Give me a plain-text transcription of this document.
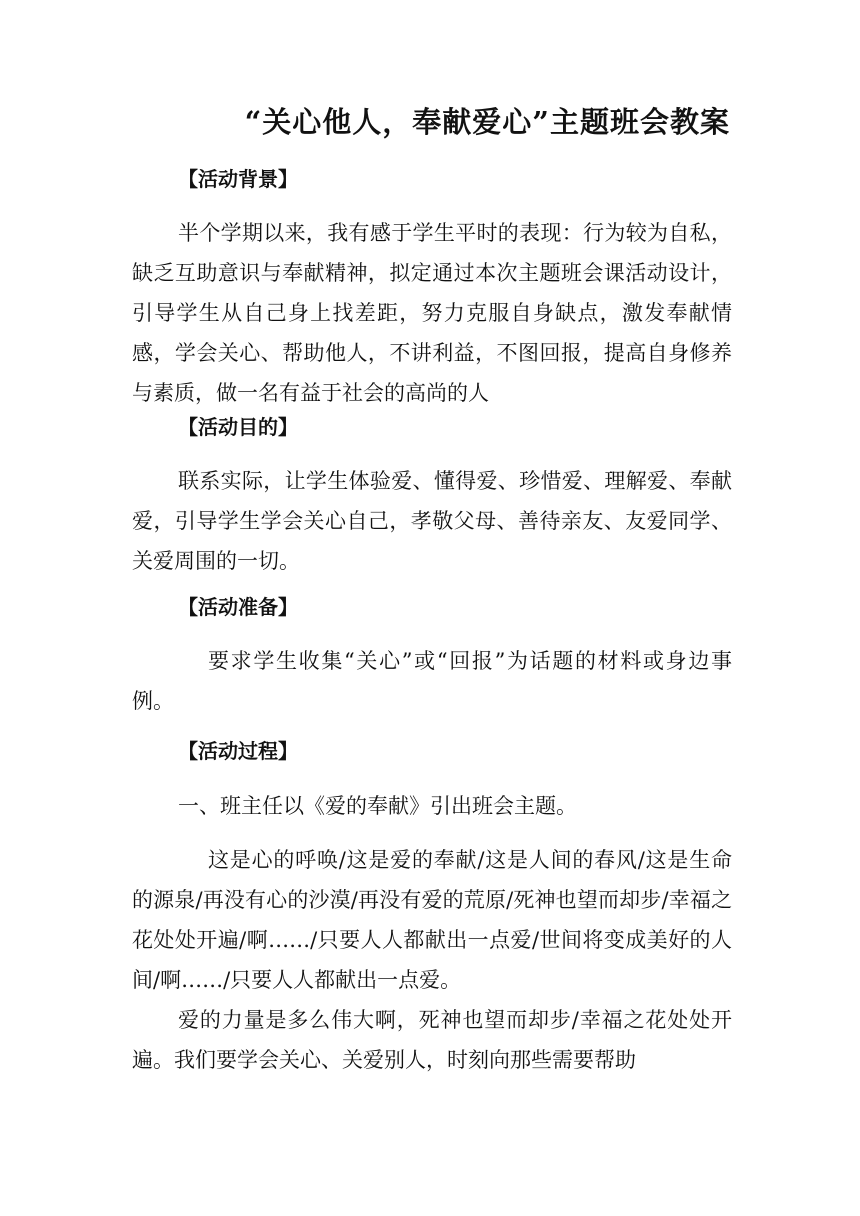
“关心他人，奉献爱心”主题班会教案
【活动背景】

半个学期以来，我有感于学生平时的表现：行为较为自私，缺乏互助意识与奉献精神，拟定通过本次主题班会课活动设计，引导学生从自己身上找差距，努力克服自身缺点，激发奉献情感，学会关心、帮助他人，不讲利益，不图回报，提高自身修养与素质，做一名有益于社会的高尚的人

【活动目的】

联系实际，让学生体验爱、懂得爱、珍惜爱、理解爱、奉献爱，引导学生学会关心自己，孝敬父母、善待亲友、友爱同学、关爱周围的一切。

【活动准备】

要求学生收集“关心”或“回报”为话题的材料或身边事例。

【活动过程】

一、班主任以《爱的奉献》引出班会主题。

这是心的呼唤/这是爱的奉献/这是人间的春风/这是生命的源泉/再没有心的沙漠/再没有爱的荒原/死神也望而却步/幸福之花处处开遍/啊……/只要人人都献出一点爱/世间将变成美好的人间/啊……/只要人人都献出一点爱。

爱的力量是多么伟大啊，死神也望而却步/幸福之花处处开遍。我们要学会关心、关爱别人，时刻向那些需要帮助
